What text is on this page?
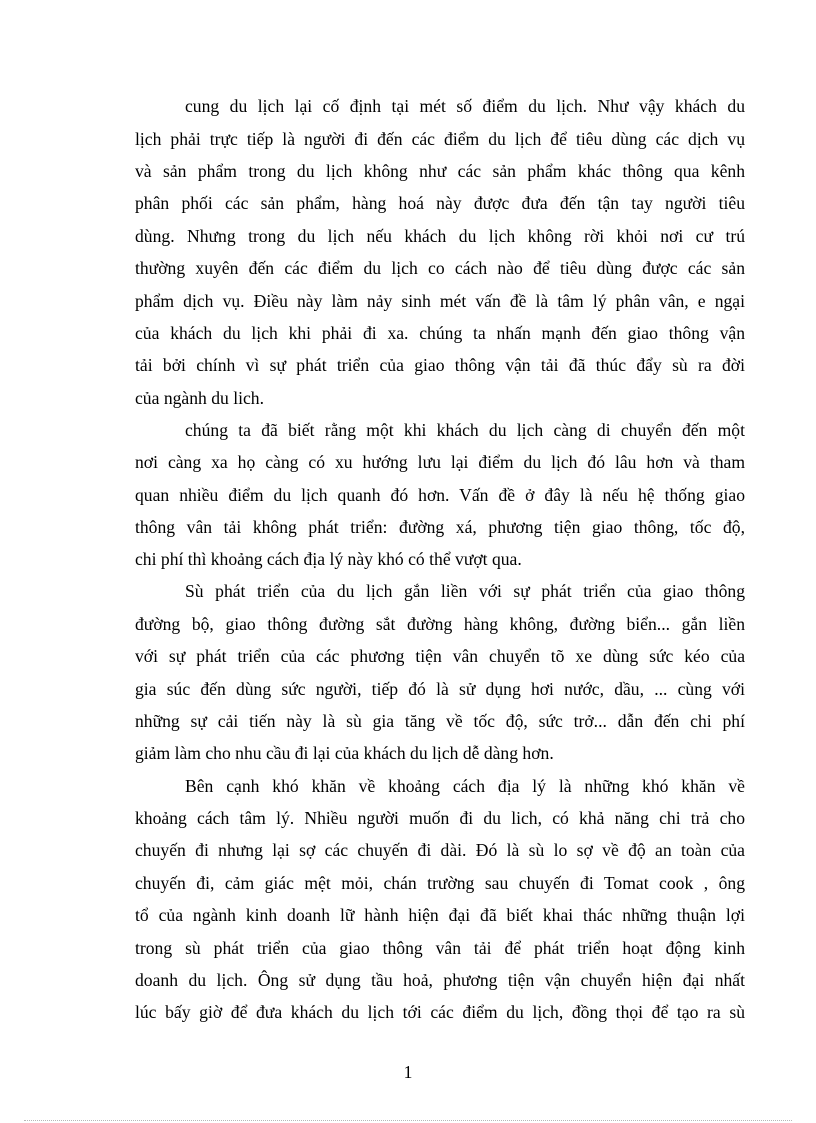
cung du lịch lại cố định tại mét số điểm du lịch. Như vậy khách du
lịch phải trực tiếp là người đi đến các điểm du lịch để tiêu dùng các dịch vụ
và sản phẩm trong du lịch không như các sản phẩm khác thông qua kênh
phân phối các sản phẩm, hàng hoá này được đưa đến tận tay người tiêu
dùng. Nhưng trong du lịch nếu khách du lịch không rời khỏi nơi cư trú
thường xuyên đến các điểm du lịch co cách nào để tiêu dùng được các sản
phẩm dịch vụ. Điều này làm nảy sinh mét vấn đề là tâm lý phân vân, e ngại
của khách du lịch khi phải đi xa. chúng ta nhấn mạnh đến giao thông vận
tải bởi chính vì sự phát triển của giao thông vận tải đã thúc đẩy sù ra đời
của ngành du lich.
chúng ta đã biết rằng một khi khách du lịch càng di chuyển đến một
nơi càng xa họ càng có xu hướng lưu lại điểm du lịch đó lâu hơn và tham
quan nhiều điểm du lịch quanh đó hơn. Vấn đề ở đây là nếu hệ thống giao
thông vân tải không phát triển: đường xá, phương tiện giao thông, tốc độ,
chi phí thì khoảng cách địa lý này khó có thể vượt qua.
Sù phát triển của du lịch gắn liền với sự phát triển của giao thông
đường bộ, giao thông đường sắt đường hàng không, đường biển... gắn liền
với sự phát triển của các phương tiện vân chuyển tõ xe dùng sức kéo của
gia súc đến dùng sức người, tiếp đó là sử dụng hơi nước, dầu, ... cùng với
những sự cải tiến này là sù gia tăng về tốc độ, sức trở... dẫn đến chi phí
giảm làm cho nhu cầu đi lại của khách du lịch dễ dàng hơn.
Bên cạnh khó khăn về khoảng cách địa lý là những khó khăn về
khoảng cách tâm lý. Nhiều người muốn đi du lich, có khả năng chi trả cho
chuyến đi nhưng lại sợ các chuyến đi dài. Đó là sù lo sợ về độ an toàn của
chuyến đi, cảm giác mệt mỏi, chán trường sau chuyến đi Tomat cook , ông
tổ của ngành kinh doanh lữ hành hiện đại đã biết khai thác những thuận lợi
trong sù phát triển của giao thông vân tải để phát triển hoạt động kinh
doanh du lịch. Ông sử dụng tầu hoả, phương tiện vận chuyển hiện đại nhất
lúc bấy giờ để đưa khách du lịch tới các điểm du lịch, đồng thọi để tạo ra sù
1
